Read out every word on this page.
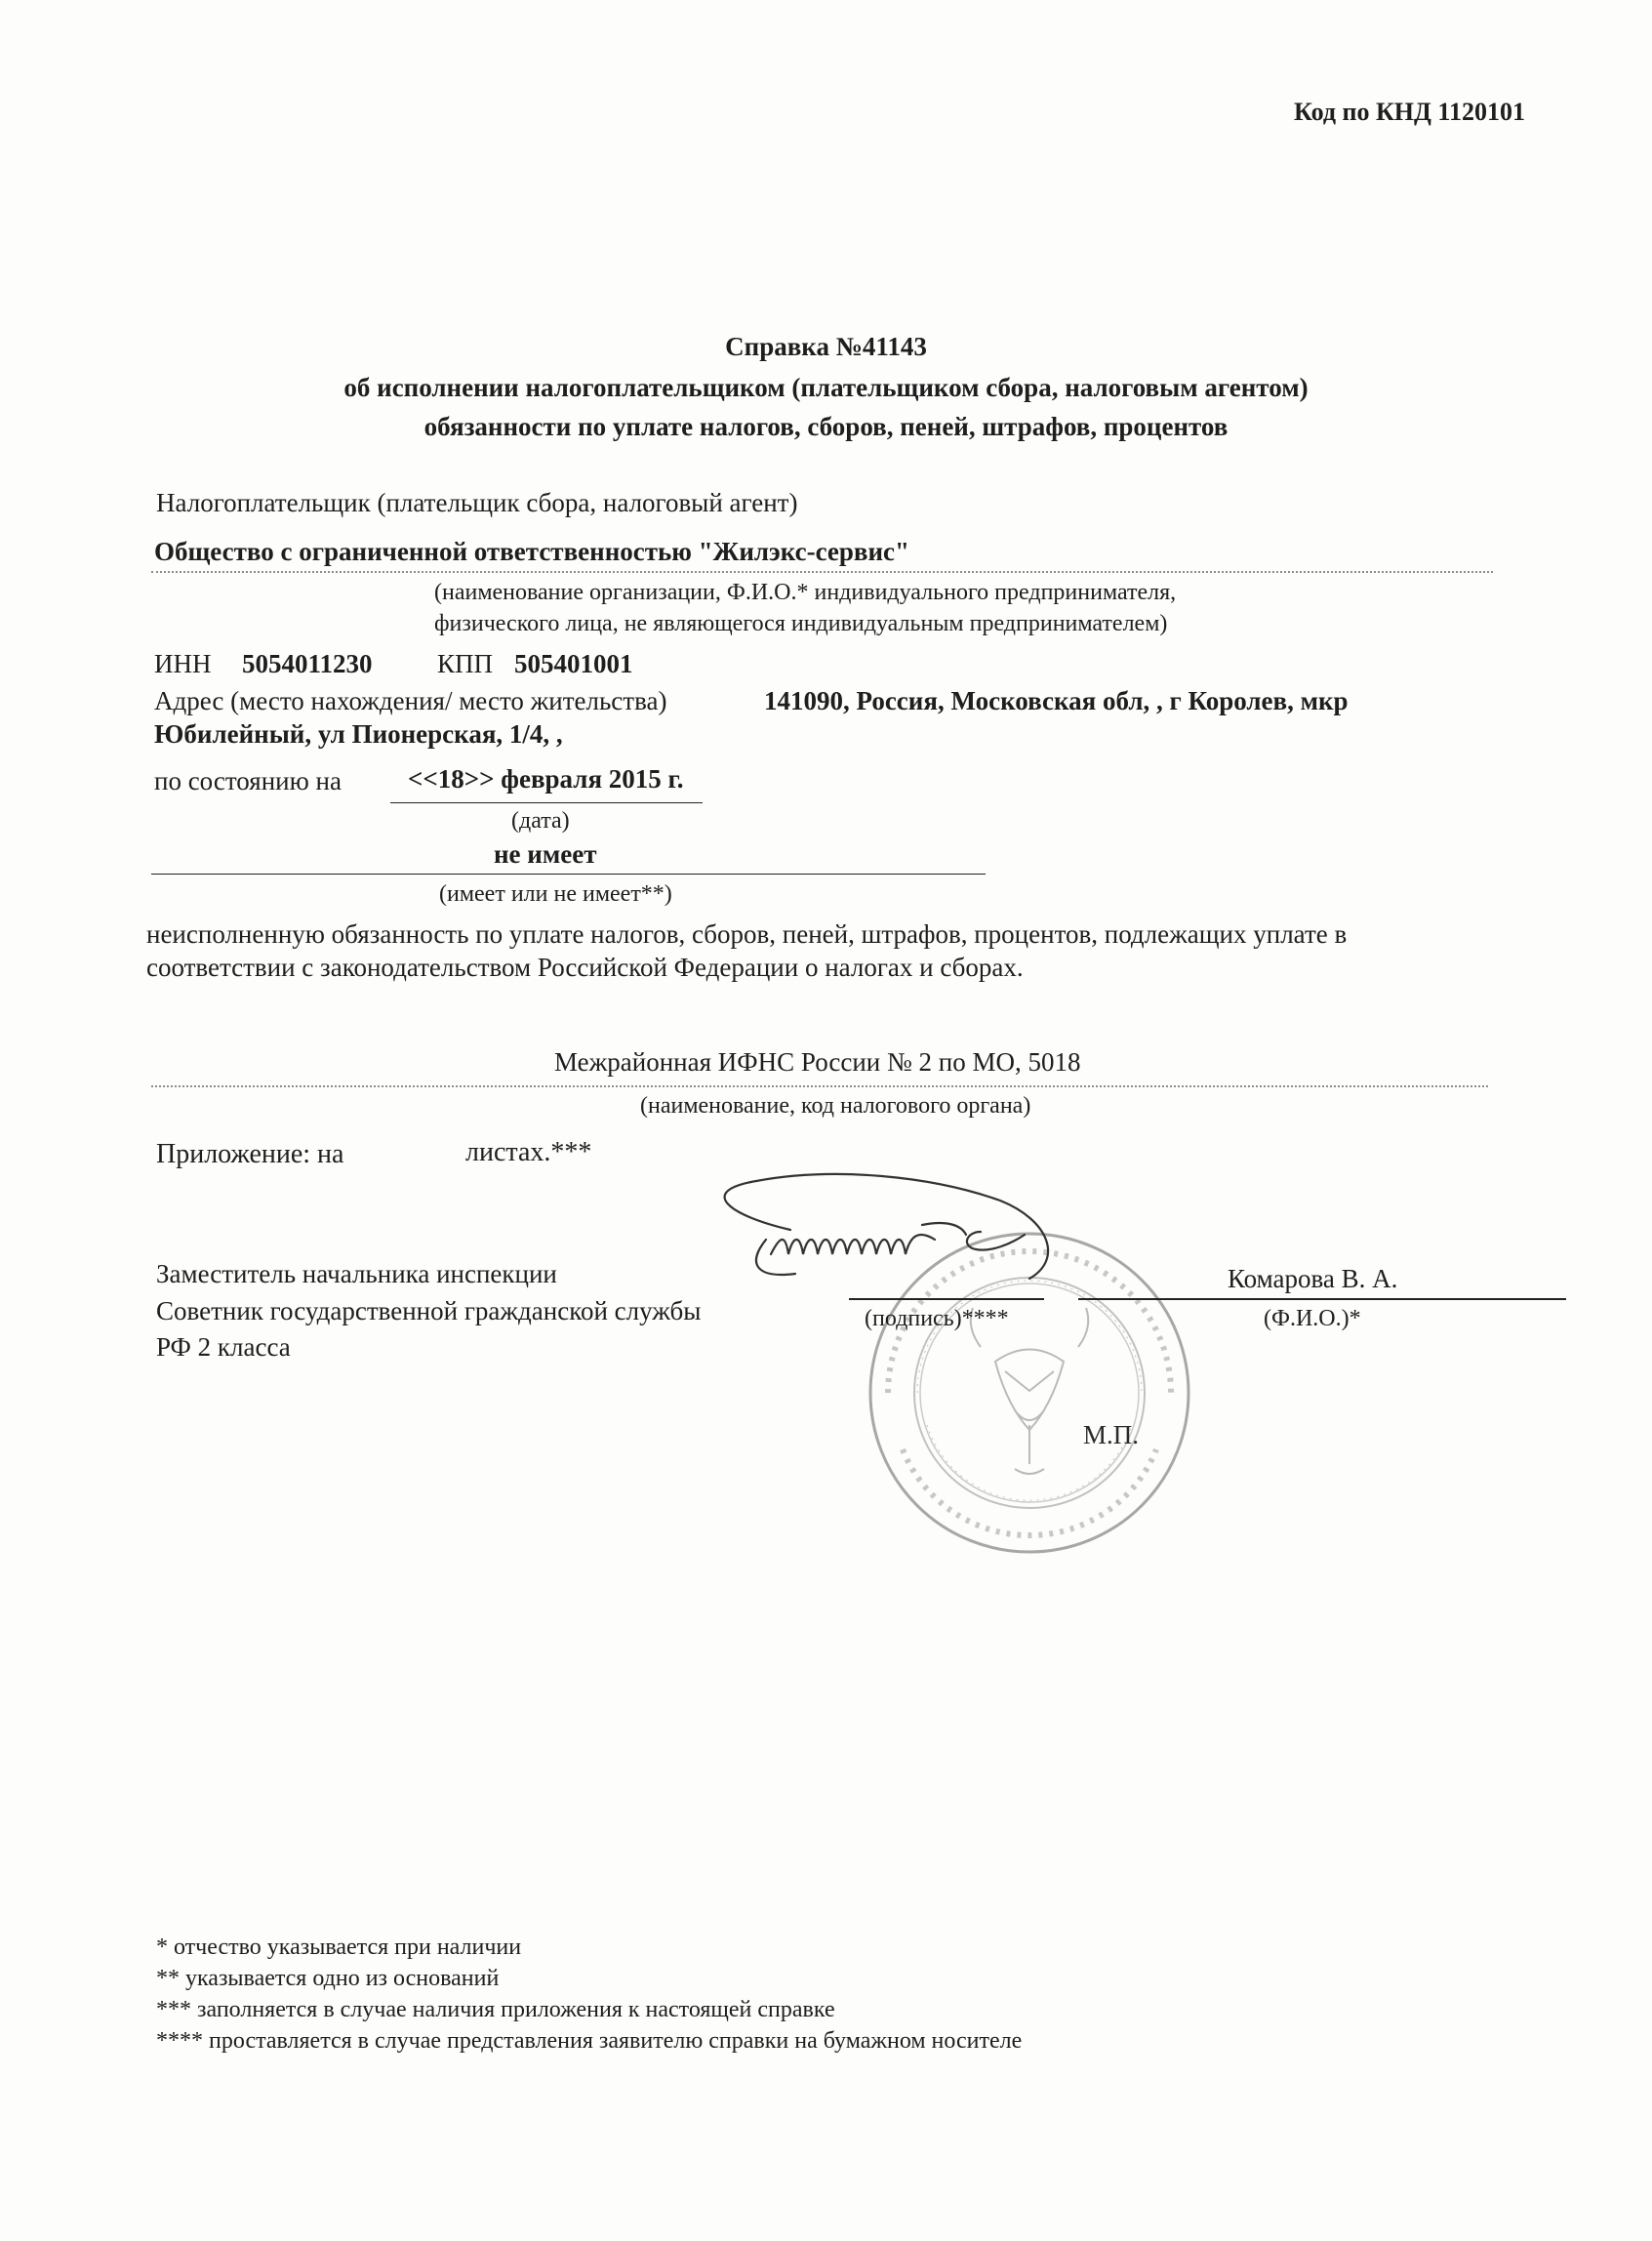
Код по КНД 1120101
Справка №41143
об исполнении налогоплательщиком (плательщиком сбора, налоговым агентом)
обязанности по уплате налогов, сборов, пеней, штрафов, процентов
Налогоплательщик (плательщик сбора, налоговый агент)
Общество с ограниченной ответственностью "Жилэкс-сервис"
(наименование организации, Ф.И.О.* индивидуального предпринимателя,
физического лица, не являющегося индивидуальным предпринимателем)
ИНН 5054011230 КПП 505401001
Адрес (место нахождения/ место жительства)	141090, Россия, Московская обл, , г Королев, мкр
Юбилейный, ул Пионерская, 1/4, ,
по состоянию на	<<18>> февраля 2015 г.
(дата)
не имеет
(имеет или не имеет**)
неисполненную обязанность по уплате налогов, сборов, пеней, штрафов, процентов, подлежащих уплате в
соответствии с законодательством Российской Федерации о налогах и сборах.
Межрайонная ИФНС России № 2 по МО, 5018
(наименование, код налогового органа)
Приложение: на	листах.***
Заместитель начальника инспекции
Советник государственной гражданской службы
РФ 2 класса
Комарова В. А.
(подпись)****	(Ф.И.О.)*
М.П.
* отчество указывается при наличии
** указывается одно из оснований
*** заполняется в случае наличия приложения к настоящей справке
**** проставляется в случае представления заявителю справки на бумажном носителе
